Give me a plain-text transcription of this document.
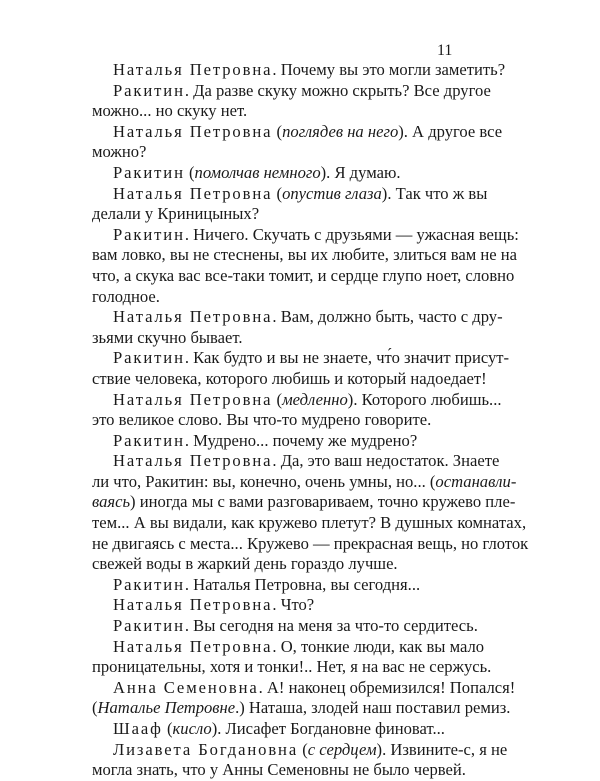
11
Наталья Петровна. Почему вы это могли заметить?
Ракитин. Да разве скуку можно скрыть? Все другое
можно... но скуку нет.
Наталья Петровна (поглядев на него). А другое все
можно?
Ракитин (помолчав немного). Я думаю.
Наталья Петровна (опустив глаза). Так что ж вы
делали у Криницыных?
Ракитин. Ничего. Скучать с друзьями — ужасная вещь:
вам ловко, вы не стеснены, вы их любите, злиться вам не на
что, а скука вас все-таки томит, и сердце глупо ноет, словно
голодное.
Наталья Петровна. Вам, должно быть, часто с дру-
зьями скучно бывает.
Ракитин. Как будто и вы не знаете, чт́о значит присут-
ствие человека, которого любишь и который надоедает!
Наталья Петровна (медленно). Которого любишь...
это великое слово. Вы что-то мудрено говорите.
Ракитин. Мудрено... почему же мудрено?
Наталья Петровна. Да, это ваш недостаток. Знаете
ли что, Ракитин: вы, конечно, очень умны, но... (останавли-
ваясь) иногда мы с вами разговариваем, точно кружево пле-
тем... А вы видали, как кружево плетут? В душных комнатах,
не двигаясь с места... Кружево — прекрасная вещь, но глоток
свежей воды в жаркий день гораздо лучше.
Ракитин. Наталья Петровна, вы сегодня...
Наталья Петровна. Что?
Ракитин. Вы сегодня на меня за что-то сердитесь.
Наталья Петровна. О, тонкие люди, как вы мало
проницательны, хотя и тонки!.. Нет, я на вас не сержусь.
Анна Семеновна. А! наконец обремизился! Попался!
(Наталье Петровне.) Наташа, злодей наш поставил ремиз.
Шааф (кисло). Лисафет Богдановне финоват...
Лизавета Богдановна (с сердцем). Извините-с, я не
могла знать, что у Анны Семеновны не было червей.
